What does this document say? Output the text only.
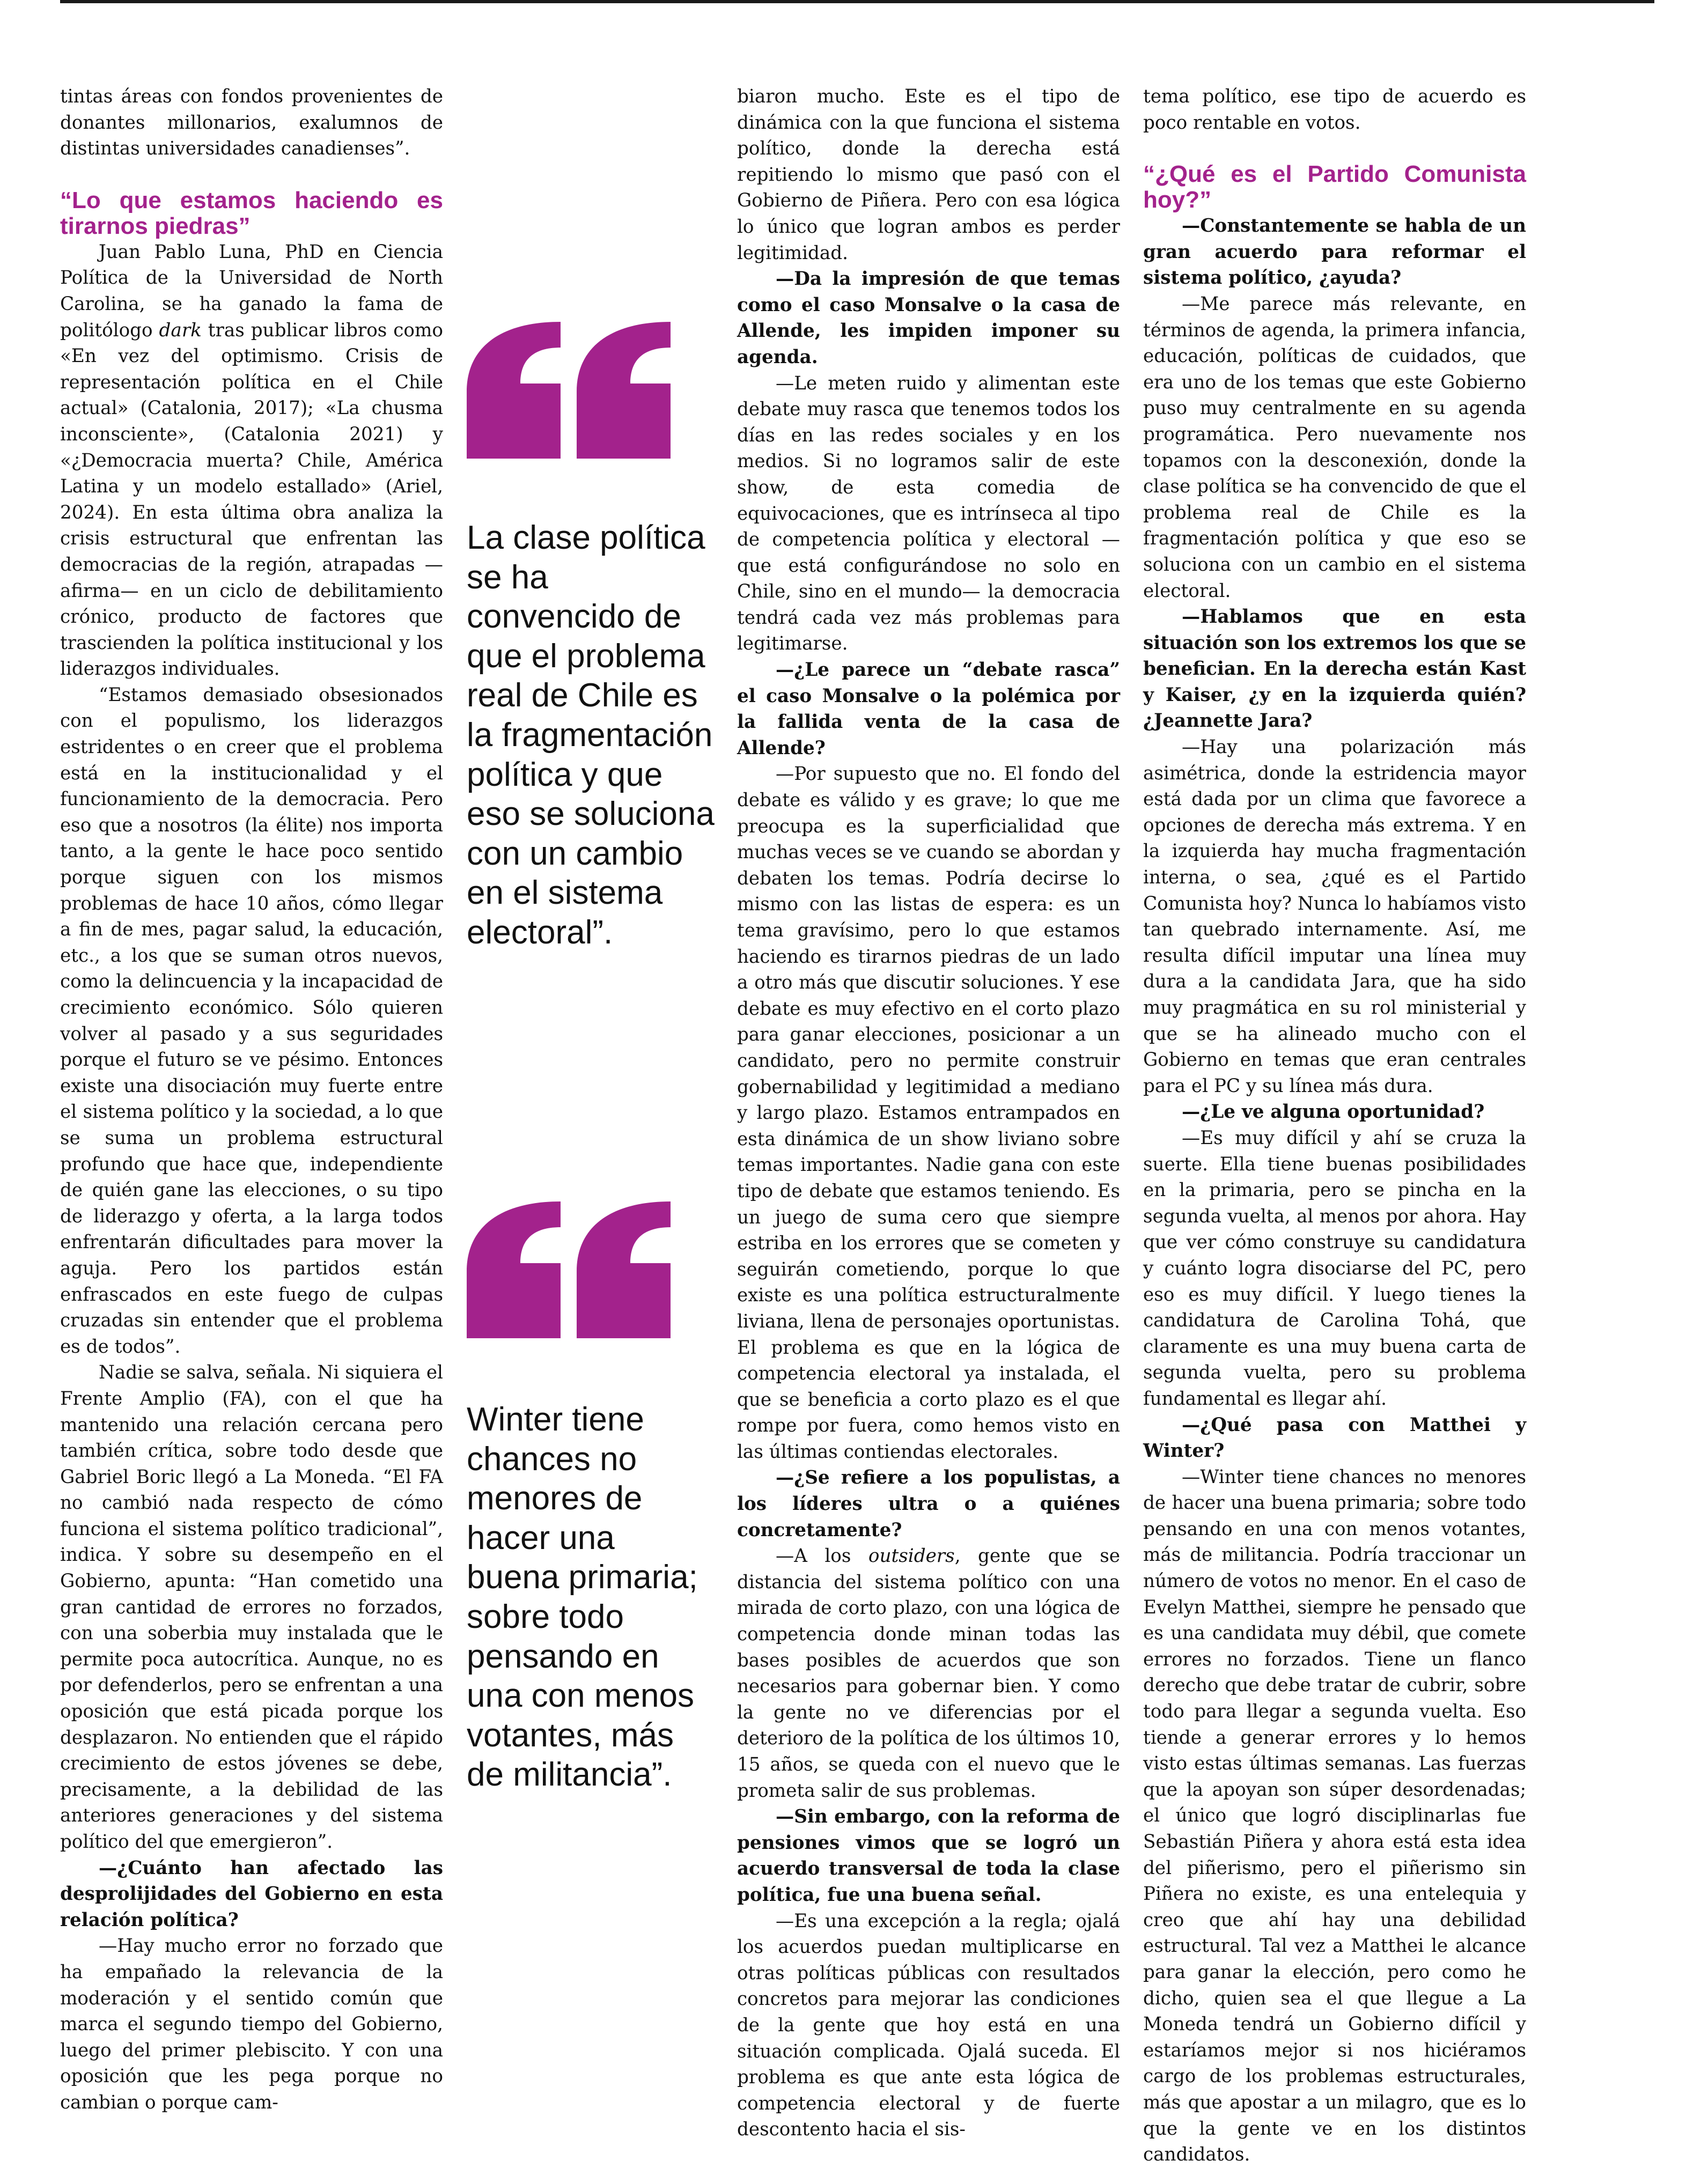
tintas áreas con fondos provenientes de donantes millonarios, exalumnos de distintas universidades canadienses”.

“Lo que estamos haciendo es tirarnos piedras”

Juan Pablo Luna, PhD en Ciencia Política de la Universidad de North Carolina, se ha ganado la fama de politólogo dark tras publicar libros como «En vez del optimismo. Crisis de representación política en el Chile actual» (Catalonia, 2017); «La chusma inconsciente», (Catalonia 2021) y «¿Democracia muerta? Chile, América Latina y un modelo estallado» (Ariel, 2024). En esta última obra analiza la crisis estructural que enfrentan las democracias de la región, atrapadas —afirma— en un ciclo de debilitamiento crónico, producto de factores que trascienden la política institucional y los liderazgos individuales.

“Estamos demasiado obsesionados con el populismo, los liderazgos estridentes o en creer que el problema está en la institucionalidad y el funcionamiento de la democracia. Pero eso que a nosotros (la élite) nos importa tanto, a la gente le hace poco sentido porque siguen con los mismos problemas de hace 10 años, cómo llegar a fin de mes, pagar salud, la educación, etc., a los que se suman otros nuevos, como la delincuencia y la incapacidad de crecimiento económico. Sólo quieren volver al pasado y a sus seguridades porque el futuro se ve pésimo. Entonces existe una disociación muy fuerte entre el sistema político y la sociedad, a lo que se suma un problema estructural profundo que hace que, independiente de quién gane las elecciones, o su tipo de liderazgo y oferta, a la larga todos enfrentarán dificultades para mover la aguja. Pero los partidos están enfrascados en este fuego de culpas cruzadas sin entender que el problema es de todos”.

Nadie se salva, señala. Ni siquiera el Frente Amplio (FA), con el que ha mantenido una relación cercana pero también crítica, sobre todo desde que Gabriel Boric llegó a La Moneda. “El FA no cambió nada respecto de cómo funciona el sistema político tradicional”, indica. Y sobre su desempeño en el Gobierno, apunta: “Han cometido una gran cantidad de errores no forzados, con una soberbia muy instalada que le permite poca autocrítica. Aunque, no es por defenderlos, pero se enfrentan a una oposición que está picada porque los desplazaron. No entienden que el rápido crecimiento de estos jóvenes se debe, precisamente, a la debilidad de las anteriores generaciones y del sistema político del que emergieron”.

—¿Cuánto han afectado las desprolijidades del Gobierno en esta relación política?

—Hay mucho error no forzado que ha empañado la relevancia de la moderación y el sentido común que marca el segundo tiempo del Gobierno, luego del primer plebiscito. Y con una oposición que les pega porque no cambian o porque cam-

La clase política se ha convencido de que el problema real de Chile es la fragmentación política y que eso se soluciona con un cambio en el sistema electoral”.
Winter tiene chances no menores de hacer una buena primaria; sobre todo pensando en una con menos votantes, más de militancia”.

biaron mucho. Este es el tipo de dinámica con la que funciona el sistema político, donde la derecha está repitiendo lo mismo que pasó con el Gobierno de Piñera. Pero con esa lógica lo único que logran ambos es perder legitimidad.

—Da la impresión de que temas como el caso Monsalve o la casa de Allende, les impiden imponer su agenda.

—Le meten ruido y alimentan este debate muy rasca que tenemos todos los días en las redes sociales y en los medios. Si no logramos salir de este show, de esta comedia de equivocaciones, que es intrínseca al tipo de competencia política y electoral —que está configurándose no solo en Chile, sino en el mundo— la democracia tendrá cada vez más problemas para legitimarse.

—¿Le parece un “debate rasca” el caso Monsalve o la polémica por la fallida venta de la casa de Allende?

—Por supuesto que no. El fondo del debate es válido y es grave; lo que me preocupa es la superficialidad que muchas veces se ve cuando se abordan y debaten los temas. Podría decirse lo mismo con las listas de espera: es un tema gravísimo, pero lo que estamos haciendo es tirarnos piedras de un lado a otro más que discutir soluciones. Y ese debate es muy efectivo en el corto plazo para ganar elecciones, posicionar a un candidato, pero no permite construir gobernabilidad y legitimidad a mediano y largo plazo. Estamos entrampados en esta dinámica de un show liviano sobre temas importantes. Nadie gana con este tipo de debate que estamos teniendo. Es un juego de suma cero que siempre estriba en los errores que se cometen y seguirán cometiendo, porque lo que existe es una política estructuralmente liviana, llena de personajes oportunistas. El problema es que en la lógica de competencia electoral ya instalada, el que se beneficia a corto plazo es el que rompe por fuera, como hemos visto en las últimas contiendas electorales.

—¿Se refiere a los populistas, a los líderes ultra o a quiénes concretamente?

—A los outsiders, gente que se distancia del sistema político con una mirada de corto plazo, con una lógica de competencia donde minan todas las bases posibles de acuerdos que son necesarios para gobernar bien. Y como la gente no ve diferencias por el deterioro de la política de los últimos 10, 15 años, se queda con el nuevo que le prometa salir de sus problemas.

—Sin embargo, con la reforma de pensiones vimos que se logró un acuerdo transversal de toda la clase política, fue una buena señal.

—Es una excepción a la regla; ojalá los acuerdos puedan multiplicarse en otras políticas públicas con resultados concretos para mejorar las condiciones de la gente que hoy está en una situación complicada. Ojalá suceda. El problema es que ante esta lógica de competencia electoral y de fuerte descontento hacia el sis-

tema político, ese tipo de acuerdo es poco rentable en votos.

“¿Qué es el Partido Comunista hoy?”

—Constantemente se habla de un gran acuerdo para reformar el sistema político, ¿ayuda?

—Me parece más relevante, en términos de agenda, la primera infancia, educación, políticas de cuidados, que era uno de los temas que este Gobierno puso muy centralmente en su agenda programática. Pero nuevamente nos topamos con la desconexión, donde la clase política se ha convencido de que el problema real de Chile es la fragmentación política y que eso se soluciona con un cambio en el sistema electoral.

—Hablamos que en esta situación son los extremos los que se benefician. En la derecha están Kast y Kaiser, ¿y en la izquierda quién? ¿Jeannette Jara?

—Hay una polarización más asimétrica, donde la estridencia mayor está dada por un clima que favorece a opciones de derecha más extrema. Y en la izquierda hay mucha fragmentación interna, o sea, ¿qué es el Partido Comunista hoy? Nunca lo habíamos visto tan quebrado internamente. Así, me resulta difícil imputar una línea muy dura a la candidata Jara, que ha sido muy pragmática en su rol ministerial y que se ha alineado mucho con el Gobierno en temas que eran centrales para el PC y su línea más dura.

—¿Le ve alguna oportunidad?

—Es muy difícil y ahí se cruza la suerte. Ella tiene buenas posibilidades en la primaria, pero se pincha en la segunda vuelta, al menos por ahora. Hay que ver cómo construye su candidatura y cuánto logra disociarse del PC, pero eso es muy difícil. Y luego tienes la candidatura de Carolina Tohá, que claramente es una muy buena carta de segunda vuelta, pero su problema fundamental es llegar ahí.

—¿Qué pasa con Matthei y Winter?

—Winter tiene chances no menores de hacer una buena primaria; sobre todo pensando en una con menos votantes, más de militancia. Podría traccionar un número de votos no menor. En el caso de Evelyn Matthei, siempre he pensado que es una candidata muy débil, que comete errores no forzados. Tiene un flanco derecho que debe tratar de cubrir, sobre todo para llegar a segunda vuelta. Eso tiende a generar errores y lo hemos visto estas últimas semanas. Las fuerzas que la apoyan son súper desordenadas; el único que logró disciplinarlas fue Sebastián Piñera y ahora está esta idea del piñerismo, pero el piñerismo sin Piñera no existe, es una entelequia y creo que ahí hay una debilidad estructural. Tal vez a Matthei le alcance para ganar la elección, pero como he dicho, quien sea el que llegue a La Moneda tendrá un Gobierno difícil y estaríamos mejor si nos hiciéramos cargo de los problemas estructurales, más que apostar a un milagro, que es lo que la gente ve en los distintos candidatos.
